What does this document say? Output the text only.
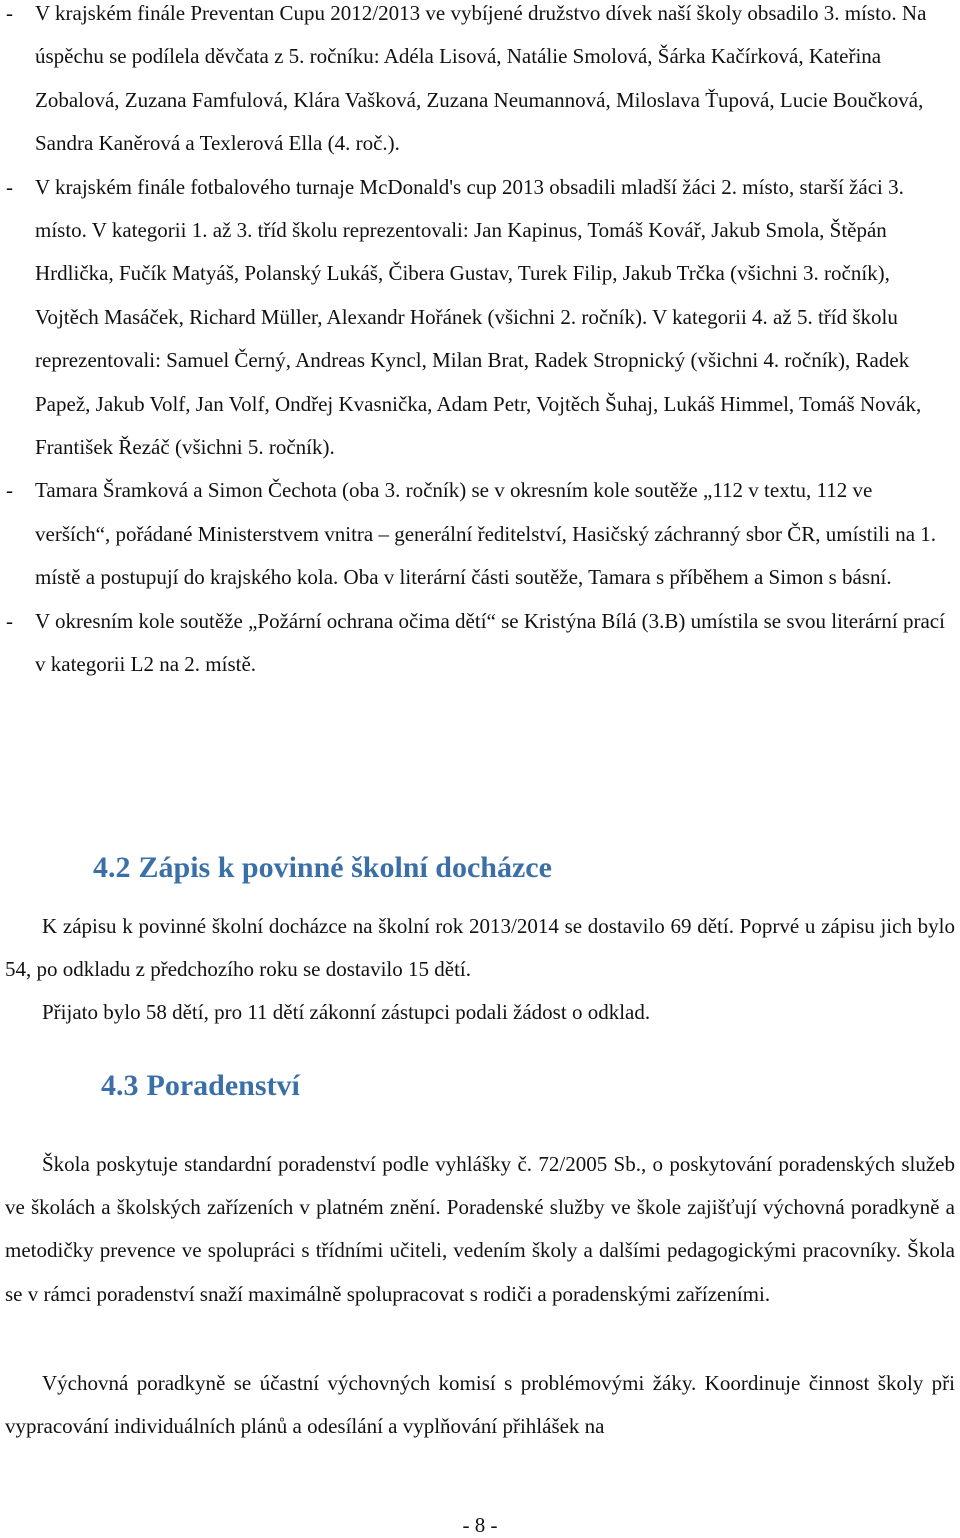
- V krajském finále Preventan Cupu 2012/2013 ve vybíjené družstvo dívek naší školy obsadilo 3. místo. Na úspěchu se podílela děvčata z 5. ročníku: Adéla Lisová, Natálie Smolová, Šárka Kačírková, Kateřina Zobalová, Zuzana Famfulová, Klára Vašková, Zuzana Neumannová, Miloslava Ťupová, Lucie Boučková, Sandra Kaněrová a Texlerová Ella (4. roč.).
- V krajském finále fotbalového turnaje McDonald's cup 2013 obsadili mladší žáci 2. místo, starší žáci 3. místo. V kategorii 1. až 3. tříd školu reprezentovali: Jan Kapinus, Tomáš Kovář, Jakub Smola, Štěpán Hrdlička, Fučík Matyáš, Polanský Lukáš, Čibera Gustav, Turek Filip, Jakub Trčka (všichni 3. ročník), Vojtěch Masáček, Richard Müller, Alexandr Hořánek (všichni 2. ročník). V kategorii 4. až 5. tříd školu reprezentovali: Samuel Černý, Andreas Kyncl, Milan Brat, Radek Stropnický (všichni 4. ročník), Radek Papež, Jakub Volf, Jan Volf, Ondřej Kvasnička, Adam Petr, Vojtěch Šuhaj, Lukáš Himmel, Tomáš Novák, František Řezáč (všichni 5. ročník).
- Tamara Šramková a Simon Čechota (oba 3. ročník) se v okresním kole soutěže „112 v textu, 112 ve verších“, pořádané Ministerstvem vnitra – generální ředitelství, Hasičský záchranný sbor ČR, umístili na 1. místě a postupují do krajského kola. Oba v literární části soutěže, Tamara s příběhem a Simon s básní.
- V okresním kole soutěže „Požární ochrana očima dětí“ se Kristýna Bílá (3.B) umístila se svou literární prací v kategorii L2 na 2. místě.
4.2 Zápis k povinné školní docházce

K zápisu k povinné školní docházce na školní rok 2013/2014 se dostavilo 69 dětí. Poprvé u zápisu jich bylo 54, po odkladu z předchozího roku se dostavilo 15 dětí.

Přijato bylo 58 dětí, pro 11 dětí zákonní zástupci podali žádost o odklad.

4.3 Poradenství

Škola poskytuje standardní poradenství podle vyhlášky č. 72/2005 Sb., o poskytování poradenských služeb ve školách a školských zařízeních v platném znění. Poradenské služby ve škole zajišťují výchovná poradkyně a metodičky prevence ve spolupráci s třídními učiteli, vedením školy a dalšími pedagogickými pracovníky. Škola se v rámci poradenství snaží maximálně spolupracovat s rodiči a poradenskými zařízeními.

Výchovná poradkyně se účastní výchovných komisí s problémovými žáky. Koordinuje činnost školy při vypracování individuálních plánů a odesílání a vyplňování přihlášek na

- 8 -
